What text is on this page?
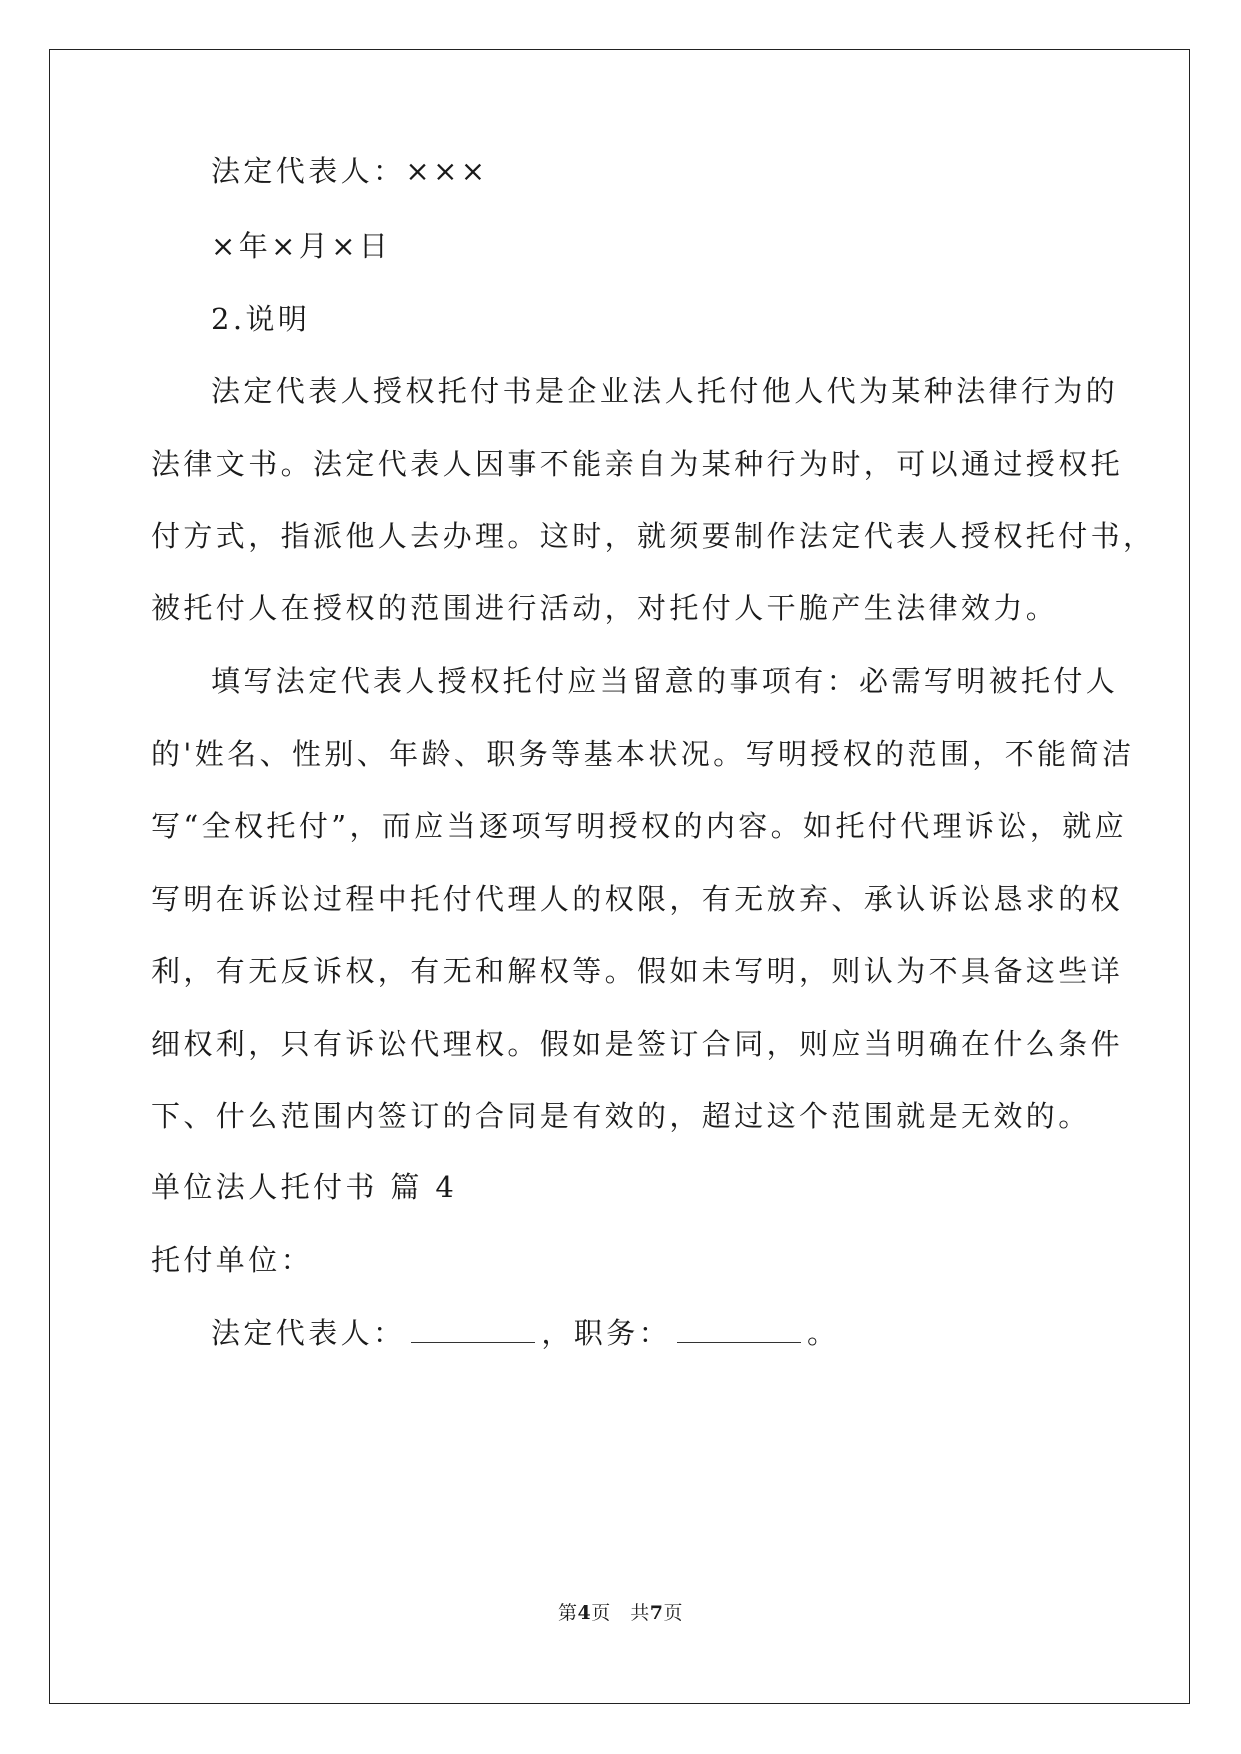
法定代表人：×××
×年×月×日
2.说明
法定代表人授权托付书是企业法人托付他人代为某种法律行为的
法律文书。法定代表人因事不能亲自为某种行为时，可以通过授权托
付方式，指派他人去办理。这时，就须要制作法定代表人授权托付书，
被托付人在授权的范围进行活动，对托付人干脆产生法律效力。
填写法定代表人授权托付应当留意的事项有：必需写明被托付人
的'姓名、性别、年龄、职务等基本状况。写明授权的范围，不能简洁
写“全权托付”，而应当逐项写明授权的内容。如托付代理诉讼，就应
写明在诉讼过程中托付代理人的权限，有无放弃、承认诉讼恳求的权
利，有无反诉权，有无和解权等。假如未写明，则认为不具备这些详
细权利，只有诉讼代理权。假如是签订合同，则应当明确在什么条件
下、什么范围内签订的合同是有效的，超过这个范围就是无效的。
单位法人托付书 篇 4
托付单位：
法定代表人：	，职务：	。
第4页　共7页
